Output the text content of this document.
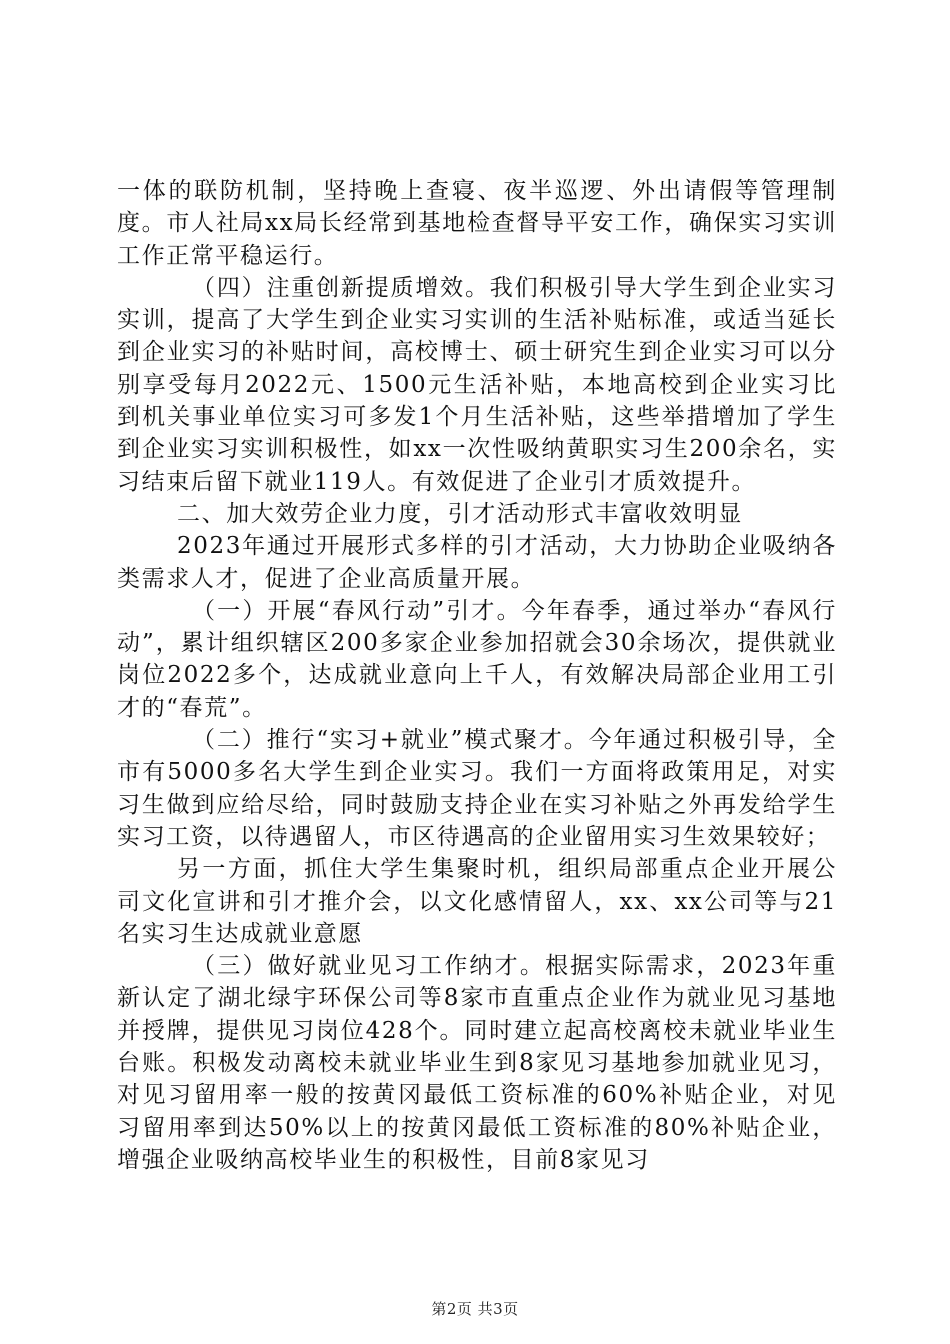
一体的联防机制，坚持晚上查寝、夜半巡逻、外出请假等管理制度。市人社局xx局长经常到基地检查督导平安工作，确保实习实训工作正常平稳运行。

（四）注重创新提质增效。我们积极引导大学生到企业实习实训，提高了大学生到企业实习实训的生活补贴标准，或适当延长到企业实习的补贴时间，高校博士、硕士研究生到企业实习可以分别享受每月2022元、1500元生活补贴，本地高校到企业实习比到机关事业单位实习可多发1个月生活补贴，这些举措增加了学生到企业实习实训积极性，如xx一次性吸纳黄职实习生200余名，实习结束后留下就业119人。有效促进了企业引才质效提升。

二、加大效劳企业力度，引才活动形式丰富收效明显

2023年通过开展形式多样的引才活动，大力协助企业吸纳各类需求人才，促进了企业高质量开展。

（一）开展“春风行动”引才。今年春季，通过举办“春风行动”，累计组织辖区200多家企业参加招就会30余场次，提供就业岗位2022多个，达成就业意向上千人，有效解决局部企业用工引才的“春荒”。

（二）推行“实习+就业”模式聚才。今年通过积极引导，全市有5000多名大学生到企业实习。我们一方面将政策用足，对实习生做到应给尽给，同时鼓励支持企业在实习补贴之外再发给学生实习工资，以待遇留人，市区待遇高的企业留用实习生效果较好；

另一方面，抓住大学生集聚时机，组织局部重点企业开展公司文化宣讲和引才推介会，以文化感情留人，xx、xx公司等与21名实习生达成就业意愿

（三）做好就业见习工作纳才。根据实际需求，2023年重新认定了湖北绿宇环保公司等8家市直重点企业作为就业见习基地并授牌，提供见习岗位428个。同时建立起高校离校未就业毕业生台账。积极发动离校未就业毕业生到8家见习基地参加就业见习，对见习留用率一般的按黄冈最低工资标准的60%补贴企业，对见习留用率到达50%以上的按黄冈最低工资标准的80%补贴企业，增强企业吸纳高校毕业生的积极性，目前8家见习

第2页 共3页
